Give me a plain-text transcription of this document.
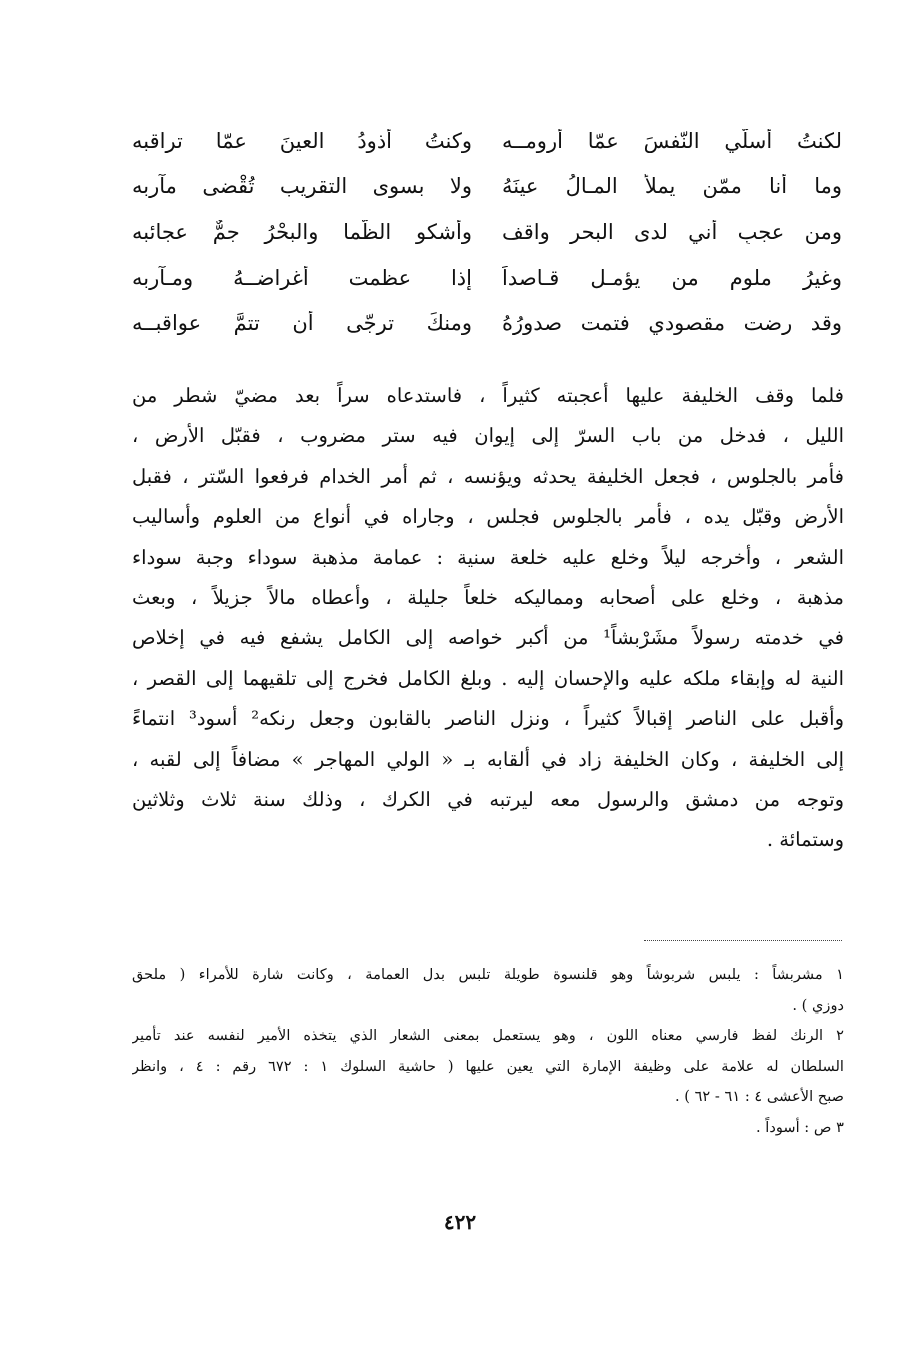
لكنتُ أُسلّي النّفسَ عمّا أُرومــه
وكنتُ أذودُ العينَ عمّا تراقبه
وما أنا ممّن يملأُ المـالُ عينَهُ
ولا بسوى التقريب تُقْضى مآربه
ومن عجبٍ أني لدى البحر واقف
وأشكو الظّما والبحْرُ جمٌّ عجائبه
وغيرُ ملومٍ من يؤمـل قـاصداً
إذا عظمت أغراضــهُ ومـآربه
وقد رضت مقصودي فتمت صدورُهُ
ومنكَ ترجّى أن تتمَّ عواقبــه
فلما وقف الخليفة عليها أعجبته كثيراً ، فاستدعاه سراً بعد مضيّ شطر من
الليل ، فدخل من باب السرّ إلى إيوان فيه ستر مضروب ، فقبّل الأرض ،
فأمر بالجلوس ، فجعل الخليفة يحدثه ويؤنسه ، ثم أمر الخدام فرفعوا السّتر ، فقبل
الأرض وقبّل يده ، فأمر بالجلوس فجلس ، وجاراه في أنواع من العلوم وأساليب
الشعر ، وأخرجه ليلاً وخلع عليه خلعة سنية : عمامة مذهبة سوداء وجبة سوداء
مذهبة ، وخلع على أصحابه ومماليكه خلعاً جليلة ، وأعطاه مالاً جزيلاً ، وبعث
في خدمته رسولاً مشَرْبشاً¹ من أكبر خواصه إلى الكامل يشفع فيه في إخلاص
النية له وإبقاء ملكه عليه والإحسان إليه . وبلغ الكامل فخرج إلى تلقيهما إلى القصر ،
وأقبل على الناصر إقبالاً كثيراً ، ونزل الناصر بالقابون وجعل رنكه² أسود³ انتماءً
إلى الخليفة ، وكان الخليفة زاد في ألقابه بـ « الولي المهاجر » مضافاً إلى لقبه ،
وتوجه من دمشق والرسول معه ليرتبه في الكرك ، وذلك سنة ثلاث وثلاثين
وستمائة .
١ مشربشاً : يلبس شربوشاً وهو قلنسوة طويلة تلبس بدل العمامة ، وكانت شارة للأمراء ( ملحق
دوزي ) .
٢ الرنك لفظ فارسي معناه اللون ، وهو يستعمل بمعنى الشعار الذي يتخذه الأمير لنفسه عند تأمير
السلطان له علامة على وظيفة الإمارة التي يعين عليها ( حاشية السلوك ١ : ٦٧٢ رقم : ٤ ، وانظر
صبح الأعشى ٤ : ٦١ - ٦٢ ) .
٣ ص : أسوداً .
٤٢٢
